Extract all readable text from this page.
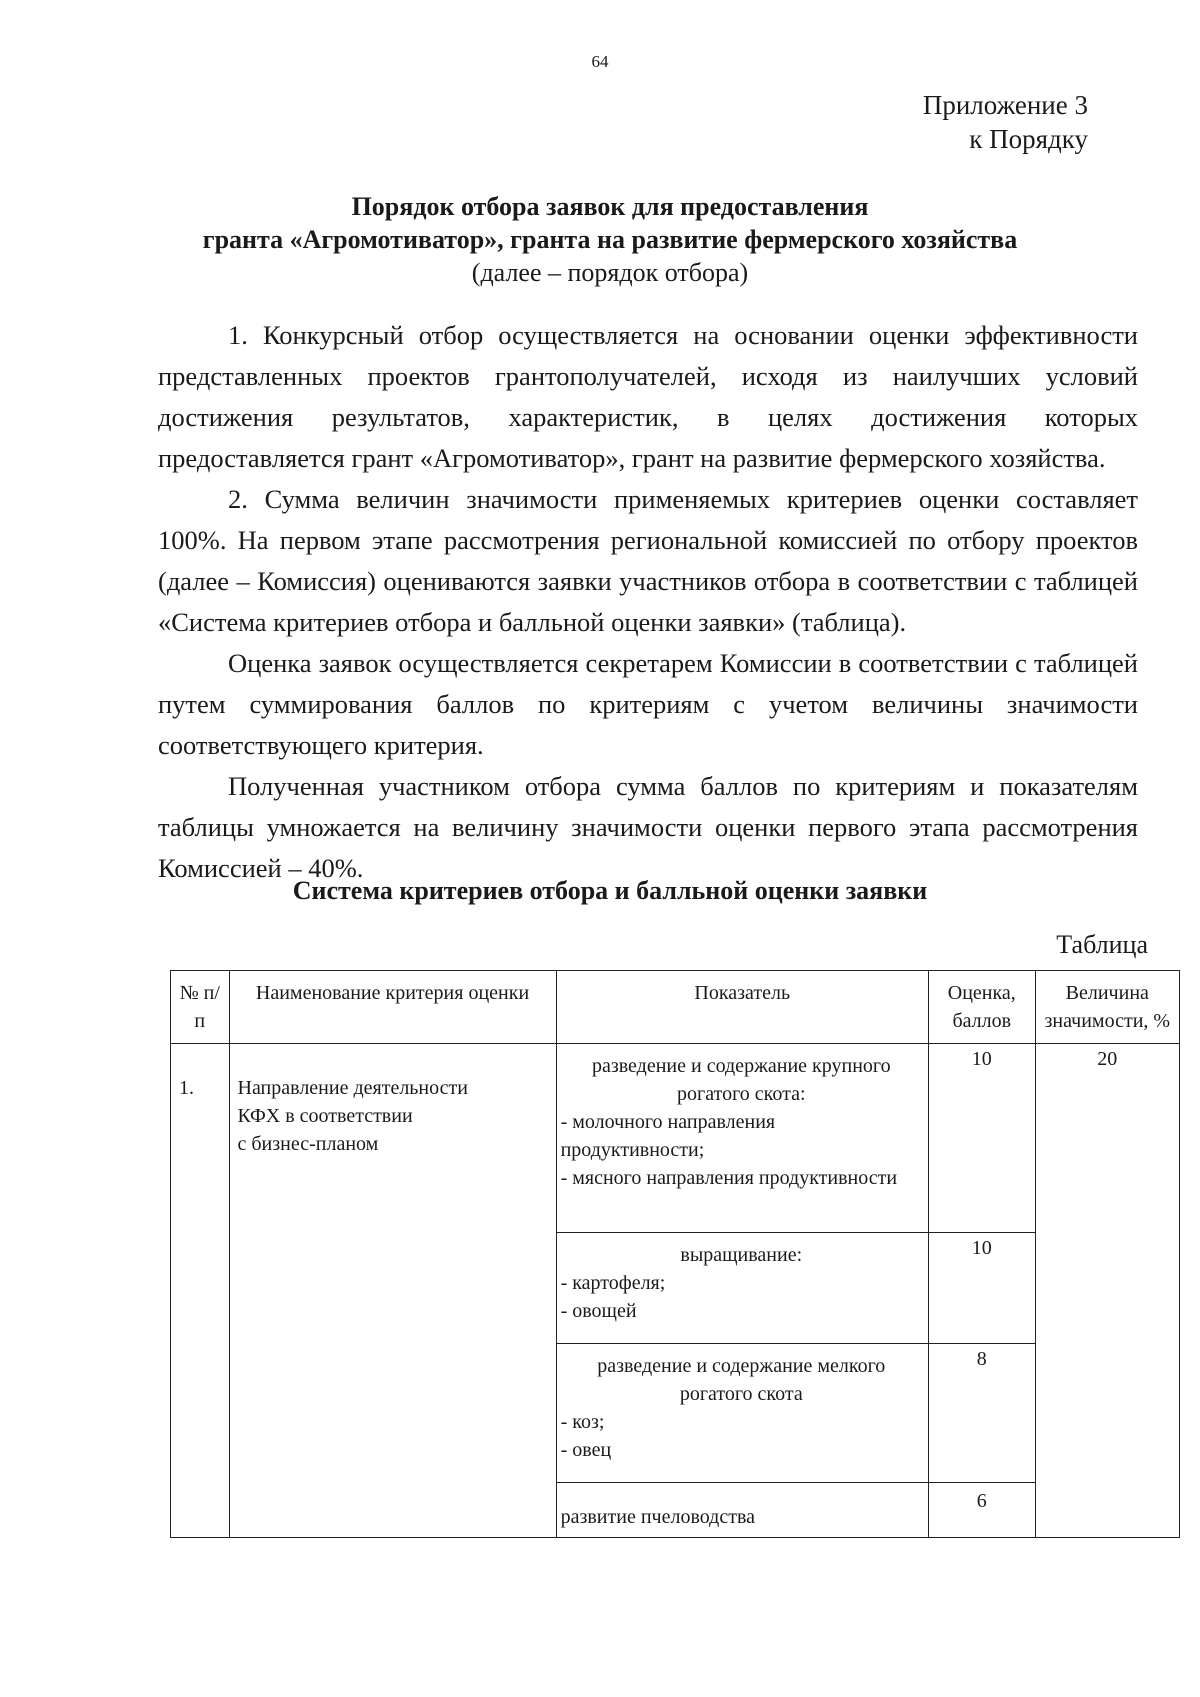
64
Приложение 3
к Порядку
Порядок отбора заявок для предоставления
гранта «Агромотиватор», гранта на развитие фермерского хозяйства
(далее – порядок отбора)

1. Конкурсный отбор осуществляется на основании оценки эффективности представленных проектов грантополучателей, исходя из наилучших условий достижения результатов, характеристик, в целях достижения которых предоставляется грант «Агромотиватор», грант на развитие фермерского хозяйства.

2. Сумма величин значимости применяемых критериев оценки составляет 100%. На первом этапе рассмотрения региональной комиссией по отбору проектов (далее – Комиссия) оцениваются заявки участников отбора в соответствии с таблицей «Система критериев отбора и балльной оценки заявки» (таблица).

Оценка заявок осуществляется секретарем Комиссии в соответствии с таблицей путем суммирования баллов по критериям с учетом величины значимости соответствующего критерия.

Полученная участником отбора сумма баллов по критериям и показателям таблицы умножается на величину значимости оценки первого этапа рассмотрения Комиссией – 40%.

Система критериев отбора и балльной оценки заявки
Таблица
№ п/п	Наименование критерия оценки	Показатель	Оценка, баллов	Величина значимости, %
1.	Направление деятельности
КФХ в соответствии
с бизнес-планом	разведение и содержание крупного рогатого скота:
- молочного направления продуктивности;
- мясного направления продуктивности	10	20

		выращивание:
- картофеля;
- овощей	10	

		разведение и содержание мелкого рогатого скота
- коз;
- овец	8	

		развитие пчеловодства	6	
